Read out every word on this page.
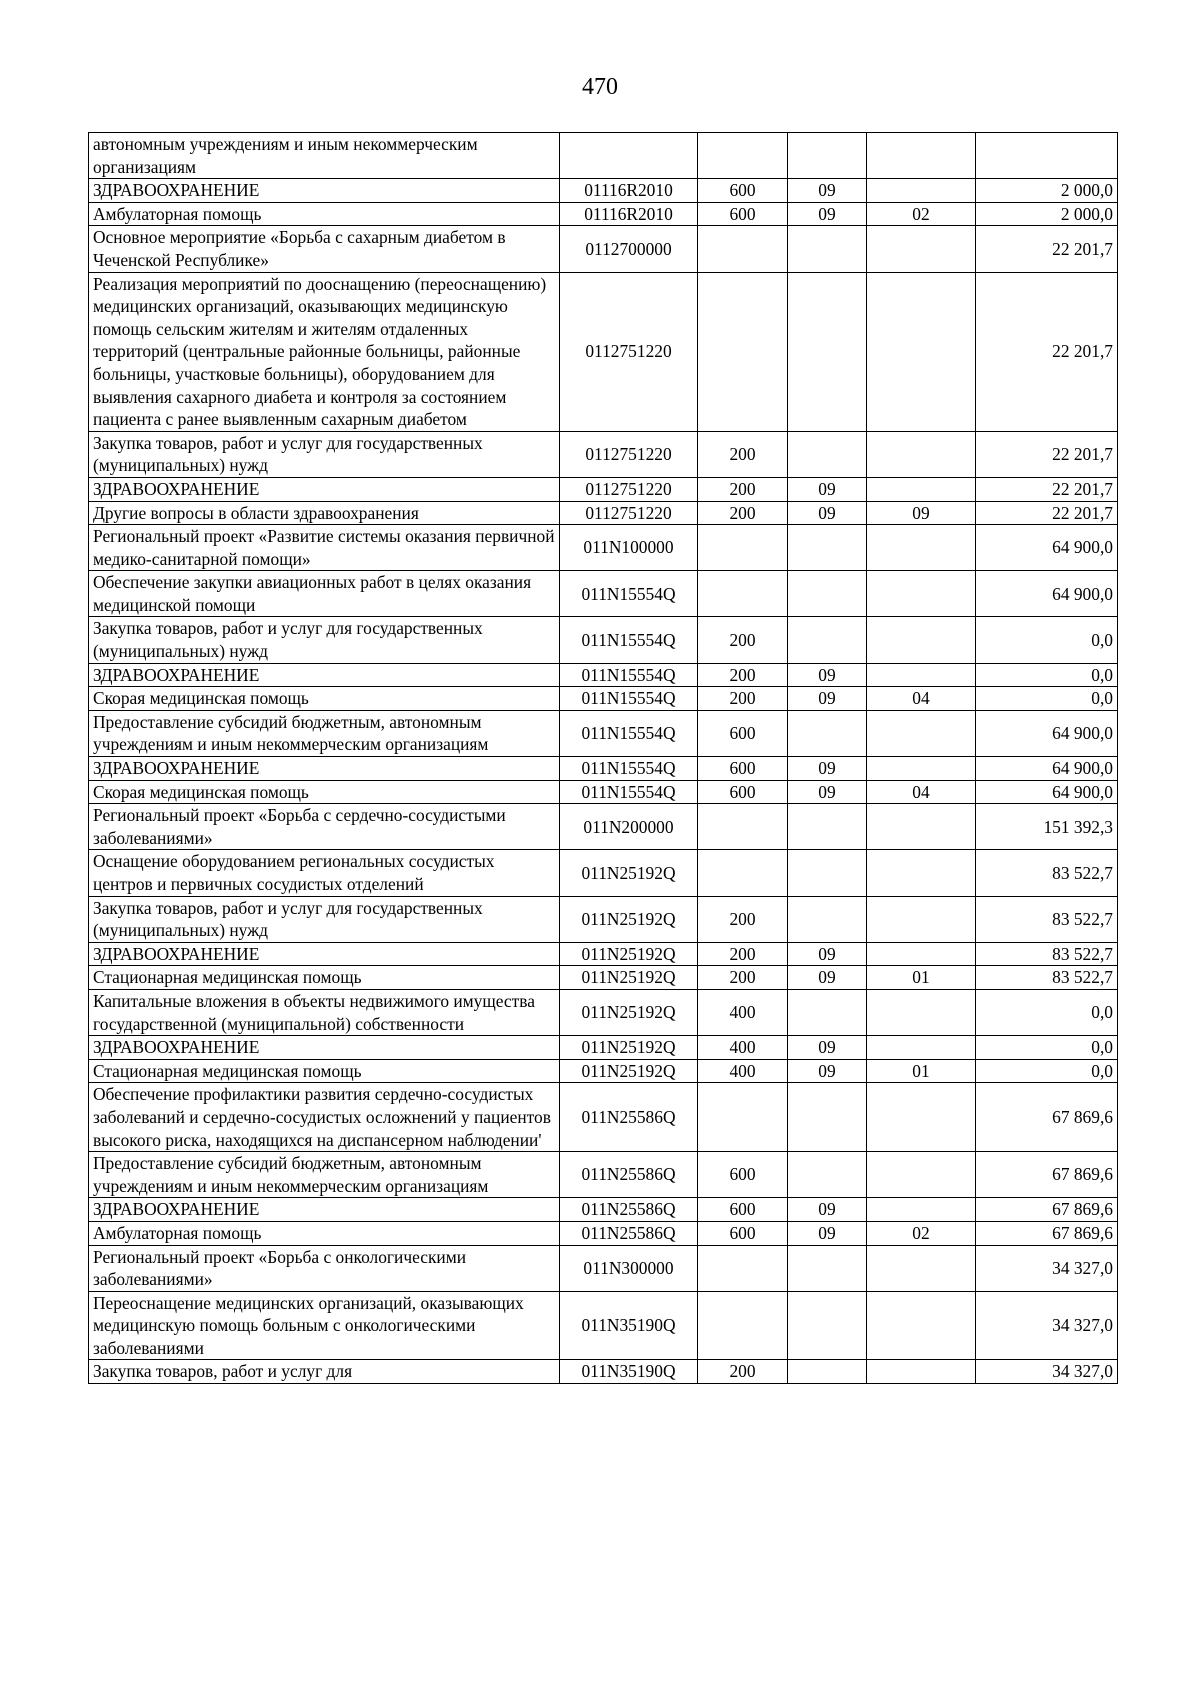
470
автономным учреждениям и иным некоммерческим организациям					
ЗДРАВООХРАНЕНИЕ	01116R2010	600	09		2 000,0
Амбулаторная помощь	01116R2010	600	09	02	2 000,0
Основное мероприятие «Борьба с сахарным диабетом в Чеченской Республике»	0112700000				22 201,7
Реализация мероприятий по дооснащению (переоснащению) медицинских организаций, оказывающих медицинскую помощь сельским жителям и жителям отдаленных территорий (центральные районные больницы, районные больницы, участковые больницы), оборудованием для выявления сахарного диабета и контроля за состоянием пациента с ранее выявленным сахарным диабетом	0112751220				22 201,7
Закупка товаров, работ и услуг для государственных (муниципальных) нужд	0112751220	200			22 201,7
ЗДРАВООХРАНЕНИЕ	0112751220	200	09		22 201,7
Другие вопросы в области здравоохранения	0112751220	200	09	09	22 201,7
Региональный проект «Развитие системы оказания первичной медико-санитарной помощи»	011N100000				64 900,0
Обеспечение закупки авиационных работ в целях оказания медицинской помощи	011N15554Q				64 900,0
Закупка товаров, работ и услуг для государственных (муниципальных) нужд	011N15554Q	200			0,0
ЗДРАВООХРАНЕНИЕ	011N15554Q	200	09		0,0
Скорая медицинская помощь	011N15554Q	200	09	04	0,0
Предоставление субсидий бюджетным, автономным учреждениям и иным некоммерческим организациям	011N15554Q	600			64 900,0
ЗДРАВООХРАНЕНИЕ	011N15554Q	600	09		64 900,0
Скорая медицинская помощь	011N15554Q	600	09	04	64 900,0
Региональный проект «Борьба с сердечно-сосудистыми заболеваниями»	011N200000				151 392,3
Оснащение оборудованием региональных сосудистых центров и первичных сосудистых отделений	011N25192Q				83 522,7
Закупка товаров, работ и услуг для государственных (муниципальных) нужд	011N25192Q	200			83 522,7
ЗДРАВООХРАНЕНИЕ	011N25192Q	200	09		83 522,7
Стационарная медицинская помощь	011N25192Q	200	09	01	83 522,7
Капитальные вложения в объекты недвижимого имущества государственной (муниципальной) собственности	011N25192Q	400			0,0
ЗДРАВООХРАНЕНИЕ	011N25192Q	400	09		0,0
Стационарная медицинская помощь	011N25192Q	400	09	01	0,0
Обеспечение профилактики развития сердечно-сосудистых заболеваний и сердечно-сосудистых осложнений у пациентов высокого риска, находящихся на диспансерном наблюдении'	011N25586Q				67 869,6
Предоставление субсидий бюджетным, автономным учреждениям и иным некоммерческим организациям	011N25586Q	600			67 869,6
ЗДРАВООХРАНЕНИЕ	011N25586Q	600	09		67 869,6
Амбулаторная помощь	011N25586Q	600	09	02	67 869,6
Региональный проект «Борьба с онкологическими заболеваниями»	011N300000				34 327,0
Переоснащение медицинских организаций, оказывающих медицинскую помощь больным с онкологическими заболеваниями	011N35190Q				34 327,0
Закупка товаров, работ и услуг для	011N35190Q	200			34 327,0
